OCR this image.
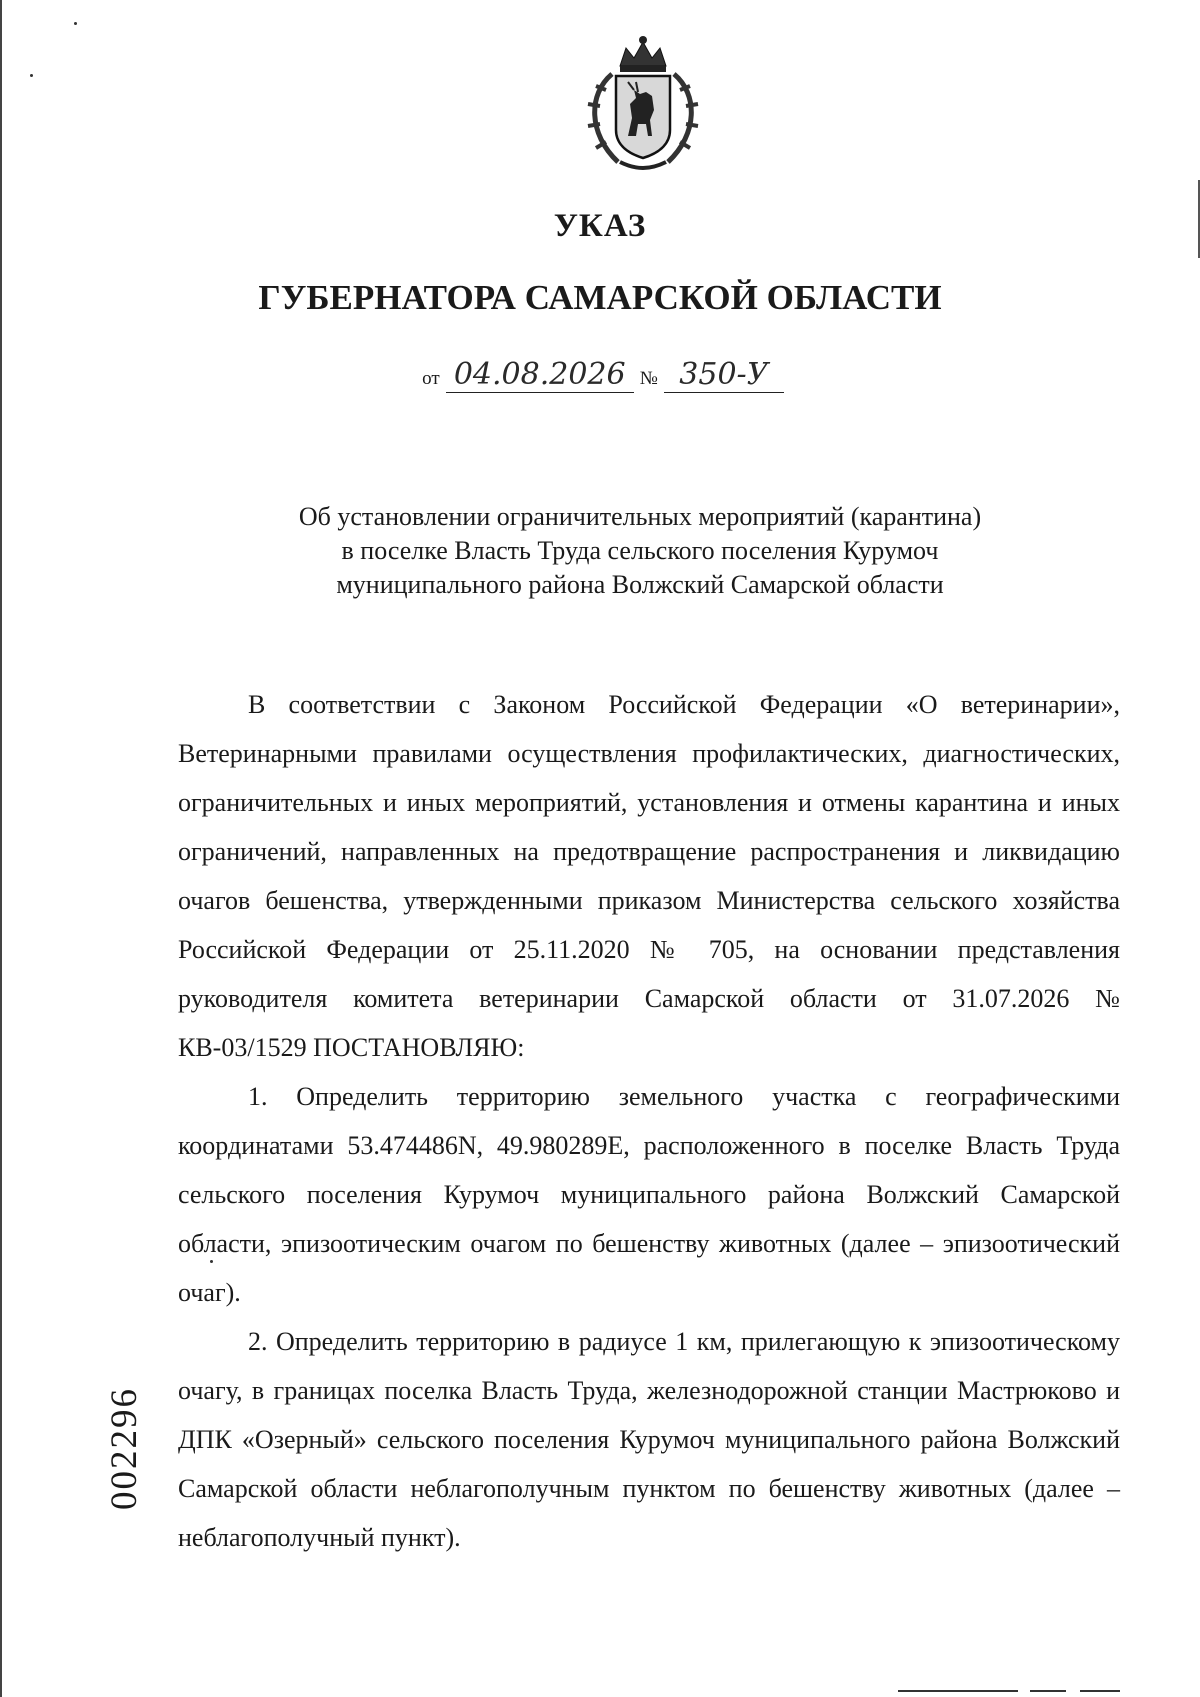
УКАЗ
ГУБЕРНАТОРА САМАРСКОЙ ОБЛАСТИ
от 04.08.2026 № 350-У
Об установлении ограничительных мероприятий (карантина)
в поселке Власть Труда сельского поселения Курумоч
муниципального района Волжский Самарской области

В соответствии с Законом Российской Федерации «О ветеринарии», Ветеринарными правилами осуществления профилактических, диагностических, ограничительных и иных мероприятий, установления и отмены карантина и иных ограничений, направленных на предотвращение распространения и ликвидацию очагов бешенства, утвержденными приказом Министерства сельского хозяйства Российской Федерации от 25.11.2020 № 705, на основании представления руководителя комитета ветеринарии Самарской области от 31.07.2026 № КВ-03/1529 ПОСТАНОВЛЯЮ:

1. Определить территорию земельного участка с географическими координатами 53.474486N, 49.980289E, расположенного в поселке Власть Труда сельского поселения Курумоч муниципального района Волжский Самарской области, эпизоотическим очагом по бешенству животных (далее – эпизоотический очаг).

2. Определить территорию в радиусе 1 км, прилегающую к эпизоотическому очагу, в границах поселка Власть Труда, железнодорожной станции Мастрюково и ДПК «Озерный» сельского поселения Курумоч муниципального района Волжский Самарской области неблагополучным пунктом по бешенству животных (далее – неблагополучный пункт).

002296
